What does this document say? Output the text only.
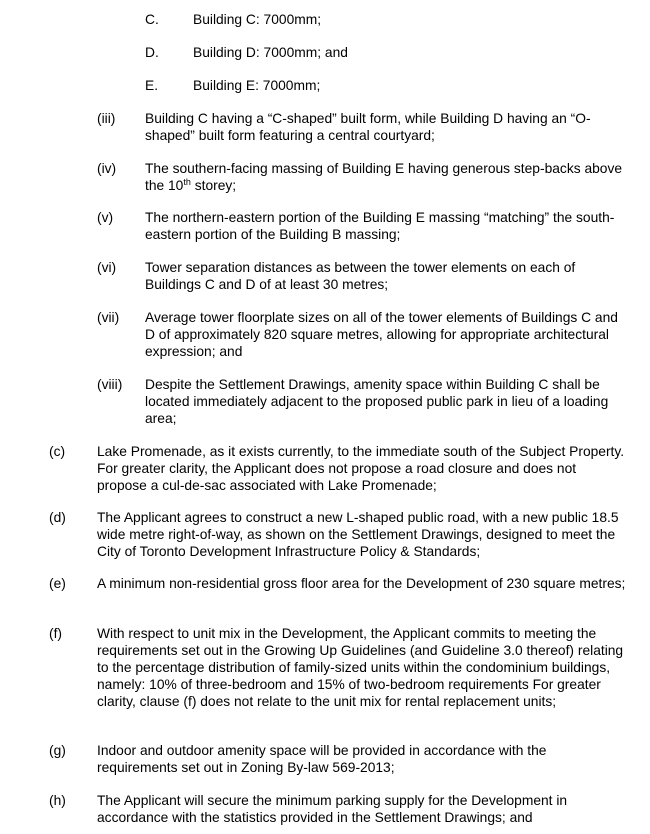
C. Building C: 7000mm;
D. Building D: 7000mm; and
E.	Building E: 7000mm;
(iii) Building C having a “C-shaped” built form, while Building D having an “O-shaped” built form featuring a central courtyard;
(iv) The southern-facing massing of Building E having generous step-backs above the 10th storey;
(v) The northern-eastern portion of the Building E massing “matching” the south-eastern portion of the Building B massing;
(vi) Tower separation distances as between the tower elements on each of Buildings C and D of at least 30 metres;
(vii) Average tower floorplate sizes on all of the tower elements of Buildings C and D of approximately 820 square metres, allowing for appropriate architectural expression; and
(viii) Despite the Settlement Drawings, amenity space within Building C shall be located immediately adjacent to the proposed public park in lieu of a loading area;
(c) Lake Promenade, as it exists currently, to the immediate south of the Subject Property. For greater clarity, the Applicant does not propose a road closure and does not propose a cul-de-sac associated with Lake Promenade;
(d) The Applicant agrees to construct a new L-shaped public road, with a new public 18.5 wide metre right-of-way, as shown on the Settlement Drawings, designed to meet the City of Toronto Development Infrastructure Policy & Standards;
(e) A minimum non-residential gross floor area for the Development of 230 square metres;
(f)	With respect to unit mix in the Development, the Applicant commits to meeting the requirements set out in the Growing Up Guidelines (and Guideline 3.0 thereof) relating to the percentage distribution of family-sized units within the condominium buildings, namely: 10% of three-bedroom and 15% of two-bedroom requirements For greater clarity, clause (f) does not relate to the unit mix for rental replacement units;
(g) Indoor and outdoor amenity space will be provided in accordance with the requirements set out in Zoning By-law 569-2013;
(h) The Applicant will secure the minimum parking supply for the Development in accordance with the statistics provided in the Settlement Drawings; and
